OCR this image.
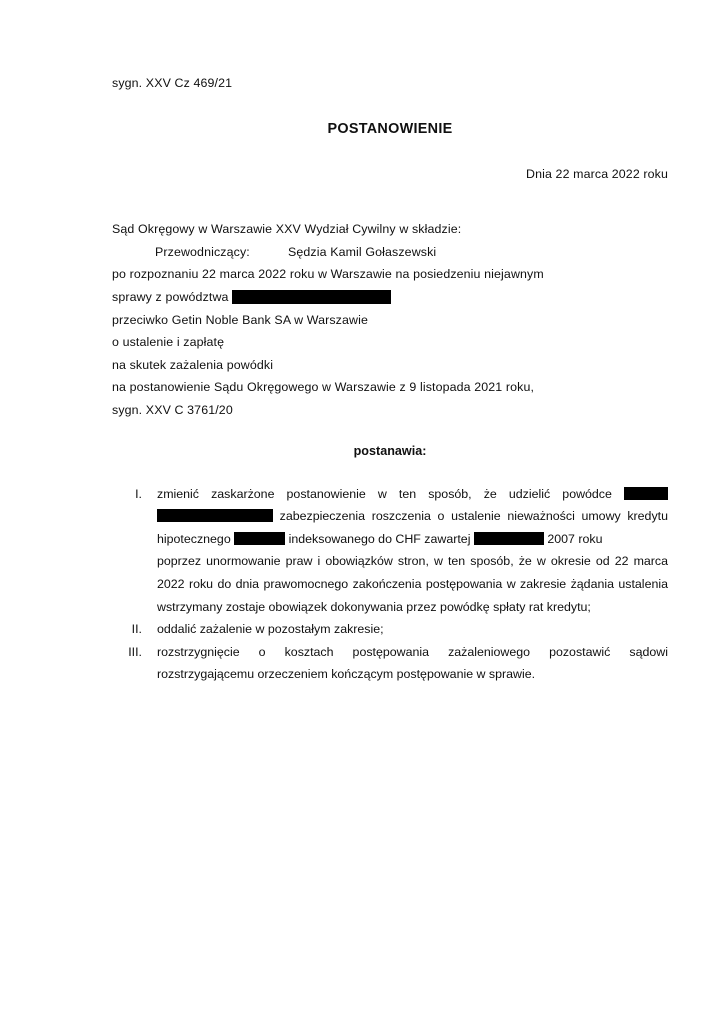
sygn. XXV Cz 469/21
POSTANOWIENIE
Dnia 22 marca 2022 roku
Sąd Okręgowy w Warszawie XXV Wydział Cywilny w składzie:
Przewodniczący:	Sędzia Kamil Gołaszewski
po rozpoznaniu 22 marca 2022 roku w Warszawie na posiedzeniu niejawnym
sprawy z powództwa
przeciwko Getin Noble Bank SA w Warszawie
o ustalenie i zapłatę
na skutek zażalenia powódki
na postanowienie Sądu Okręgowego w Warszawie z 9 listopada 2021 roku,
sygn. XXV C 3761/20
postanawia:
I. zmienić zaskarżone postanowienie w ten sposób, że udzielić powódce   zabezpieczenia roszczenia o ustalenie nieważności umowy kredytu hipotecznego	indeksowanego do CHF zawartej	2007 roku

poprzez unormowanie praw i obowiązków stron, w ten sposób, że w okresie od 22 marca 2022 roku do dnia prawomocnego zakończenia postępowania w zakresie żądania ustalenia wstrzymany zostaje obowiązek dokonywania przez powódkę spłaty rat kredytu;

II. oddalić zażalenie w pozostałym zakresie;

III. rozstrzygnięcie o kosztach postępowania zażaleniowego pozostawić sądowi rozstrzygającemu orzeczeniem kończącym postępowanie w sprawie.
